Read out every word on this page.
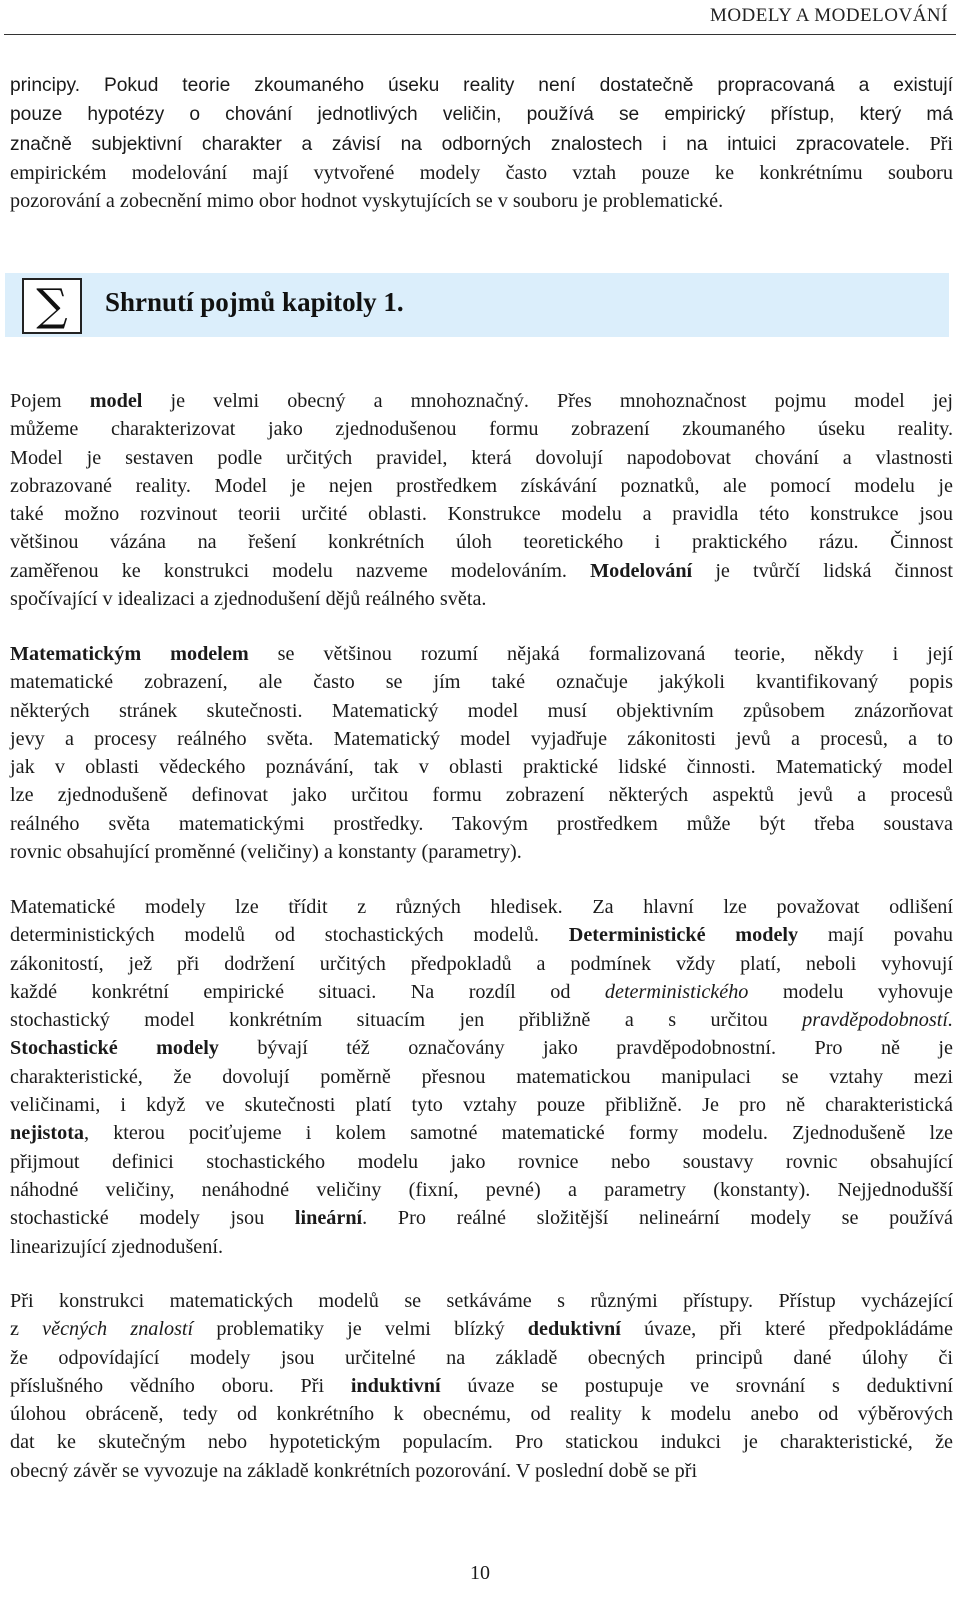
MODELY A MODELOVÁNÍ
principy. Pokud teorie zkoumaného úseku reality není dostatečně propracovaná a existují
pouze hypotézy o chování jednotlivých veličin, používá se empirický přístup, který má
značně subjektivní charakter a závisí na odborných znalostech i na intuici zpracovatele. Při
empirickém modelování mají vytvořené modely často vztah pouze ke konkrétnímu souboru
pozorování a zobecnění mimo obor hodnot vyskytujících se v souboru je problematické.
∑	Shrnutí pojmů kapitoly 1.
Pojem model je velmi obecný a mnohoznačný. Přes mnohoznačnost pojmu model jej
můžeme charakterizovat jako zjednodušenou formu zobrazení zkoumaného úseku reality.
Model je sestaven podle určitých pravidel, která dovolují napodobovat chování a vlastnosti
zobrazované reality. Model je nejen prostředkem získávání poznatků, ale pomocí modelu je
také možno rozvinout teorii určité oblasti. Konstrukce modelu a pravidla této konstrukce jsou
většinou vázána na řešení konkrétních úloh teoretického i praktického rázu. Činnost
zaměřenou ke konstrukci modelu nazveme modelováním. Modelování je tvůrčí lidská činnost
spočívající v idealizaci a zjednodušení dějů reálného světa.
Matematickým modelem se většinou rozumí nějaká formalizovaná teorie, někdy i její
matematické zobrazení, ale často se jím také označuje jakýkoli kvantifikovaný popis
některých stránek skutečnosti. Matematický model musí objektivním způsobem znázorňovat
jevy a procesy reálného světa. Matematický model vyjadřuje zákonitosti jevů a procesů, a to
jak v oblasti vědeckého poznávání, tak v oblasti praktické lidské činnosti. Matematický model
lze zjednodušeně definovat jako určitou formu zobrazení některých aspektů jevů a procesů
reálného světa matematickými prostředky. Takovým prostředkem může být třeba soustava
rovnic obsahující proměnné (veličiny) a konstanty (parametry).
Matematické modely lze třídit z různých hledisek. Za hlavní lze považovat odlišení
deterministických modelů od stochastických modelů. Deterministické modely mají povahu
zákonitostí, jež při dodržení určitých předpokladů a podmínek vždy platí, neboli vyhovují
každé konkrétní empirické situaci. Na rozdíl od deterministického modelu vyhovuje
stochastický model konkrétním situacím jen přibližně a s určitou pravděpodobností.
Stochastické modely bývají též označovány jako pravděpodobnostní. Pro ně je
charakteristické, že dovolují poměrně přesnou matematickou manipulaci se vztahy mezi
veličinami, i když ve skutečnosti platí tyto vztahy pouze přibližně. Je pro ně charakteristická
nejistota, kterou pociťujeme i kolem samotné matematické formy modelu. Zjednodušeně lze
přijmout definici stochastického modelu jako rovnice nebo soustavy rovnic obsahující
náhodné veličiny, nenáhodné veličiny (fixní, pevné) a parametry (konstanty). Nejjednodušší
stochastické modely jsou lineární. Pro reálné složitější nelineární modely se používá
linearizující zjednodušení.
Při konstrukci matematických modelů se setkáváme s různými přístupy. Přístup vycházející
z věcných znalostí problematiky je velmi blízký deduktivní úvaze, při které předpokládáme
že odpovídající modely jsou určitelné na základě obecných principů dané úlohy či
příslušného vědního oboru. Při induktivní úvaze se postupuje ve srovnání s deduktivní
úlohou obráceně, tedy od konkrétního k obecnému, od reality k modelu anebo od výběrových
dat ke skutečným nebo hypotetickým populacím. Pro statickou indukci je charakteristické, že
obecný závěr se vyvozuje na základě konkrétních pozorování. V poslední době se při
10
